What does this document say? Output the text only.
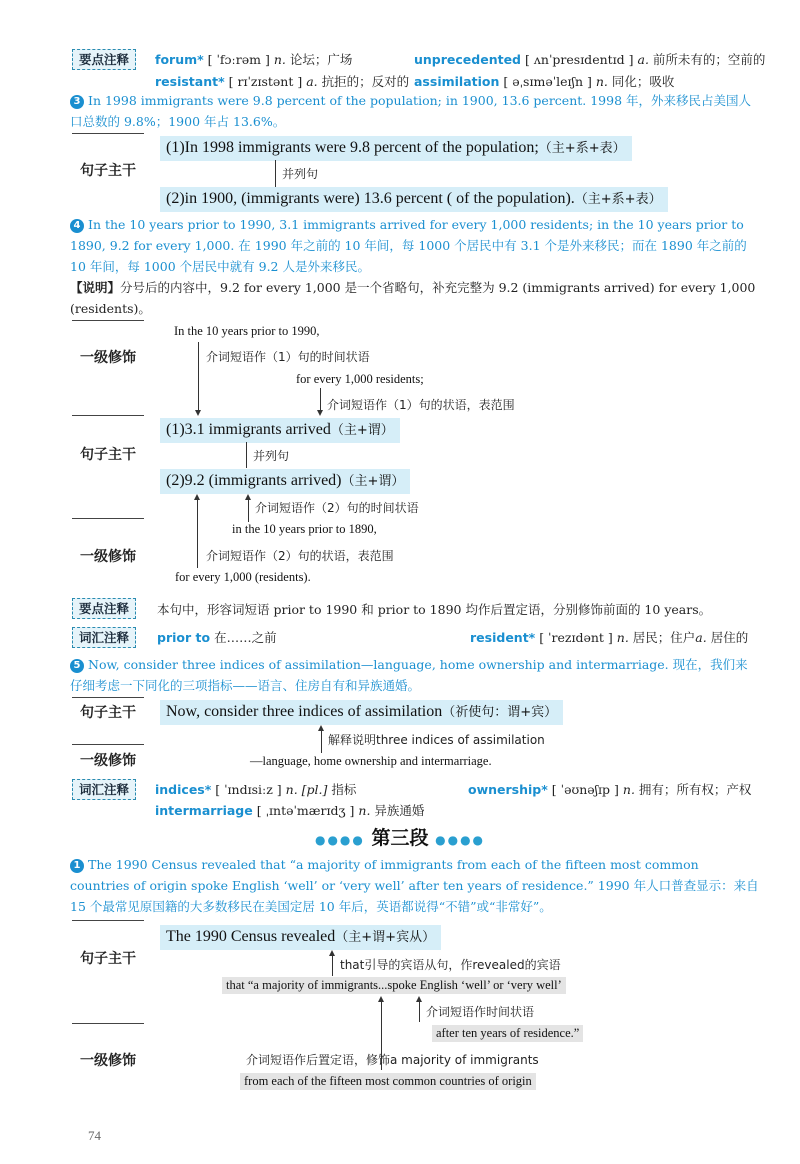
要点注释	forum* [ ˈfɔːrəm ] n. 论坛；广场	unprecedented [ ʌnˈpresɪdentɪd ] a. 前所未有的；空前的
resistant* [ rɪˈzɪstənt ] a. 抗拒的；反对的 assimilation [ əˌsɪməˈleɪʃn ] n. 同化；吸收
3 In 1998 immigrants were 9.8 percent of the population; in 1900, 13.6 percent. 1998 年，外来移民占美国人口总数的 9.8%；1900 年占 13.6%。
句子主干
(1)In 1998 immigrants were 9.8 percent of the population;（主+系+表）
并列句
(2)in 1900, (immigrants were) 13.6 percent ( of the population).（主+系+表）
4 In the 10 years prior to 1990, 3.1 immigrants arrived for every 1,000 residents; in the 10 years prior to 1890, 9.2 for every 1,000. 在 1990 年之前的 10 年间，每 1000 个居民中有 3.1 个是外来移民；而在 1890 年之前的 10 年间，每 1000 个居民中就有 9.2 人是外来移民。
【说明】分号后的内容中，9.2 for every 1,000 是一个省略句，补充完整为 9.2 (immigrants arrived) for every 1,000 (residents)。
一级修饰
In the 10 years prior to 1990,
介词短语作（1）句的时间状语
for every 1,000 residents;
介词短语作（1）句的状语，表范围
句子主干
(1)3.1 immigrants arrived（主+谓）
并列句
(2)9.2 (immigrants arrived)（主+谓）
一级修饰
介词短语作（2）句的时间状语
in the 10 years prior to 1890,
介词短语作（2）句的状语，表范围
for every 1,000 (residents).
要点注释	本句中，形容词短语 prior to 1990 和 prior to 1890 均作后置定语，分别修饰前面的 10 years。
词汇注释	prior to 在……之前	resident* [ ˈrezɪdənt ] n. 居民；住户a. 居住的
5 Now, consider three indices of assimilation—language, home ownership and intermarriage. 现在，我们来仔细考虑一下同化的三项指标——语言、住房自有和异族通婚。
句子主干	Now, consider three indices of assimilation（祈使句：谓+宾）
解释说明three indices of assimilation
一级修饰	—language, home ownership and intermarriage.
词汇注释	indices* [ ˈɪndɪsiːz ] n. [pl.] 指标	ownership* [ ˈəʊnəʃɪp ] n. 拥有；所有权；产权
intermarriage [ ˌɪntəˈmærɪdʒ ] n. 异族通婚
●●●● 第三段 ●●●●
1 The 1990 Census revealed that “a majority of immigrants from each of the fifteen most common countries of origin spoke English ‘well’ or ‘very well’ after ten years of residence.” 1990 年人口普查显示：来自 15 个最常见原国籍的大多数移民在美国定居 10 年后，英语都说得“不错”或“非常好”。
句子主干
The 1990 Census revealed（主+谓+宾从）
that引导的宾语从句，作revealed的宾语
that “a majority of immigrants...spoke English ‘well’ or ‘very well’
介词短语作时间状语
after ten years of residence.”
一级修饰	介词短语作后置定语，修饰a majority of immigrants
from each of the fifteen most common countries of origin
74
